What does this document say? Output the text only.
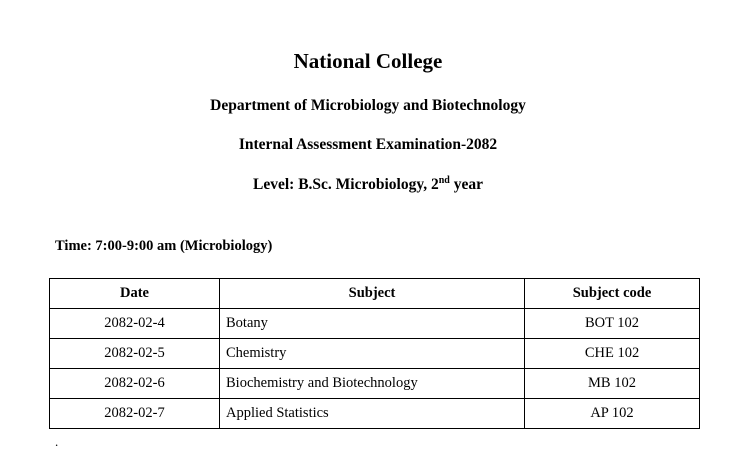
National College

Department of Microbiology and Biotechnology

Internal Assessment Examination-2082

Level: B.Sc. Microbiology, 2nd year

Time: 7:00-9:00 am (Microbiology)

Date	Subject	Subject code
2082-02-4	Botany	BOT 102
2082-02-5	Chemistry	CHE 102
2082-02-6	Biochemistry and Biotechnology	MB 102
2082-02-7	Applied Statistics	AP 102
.
